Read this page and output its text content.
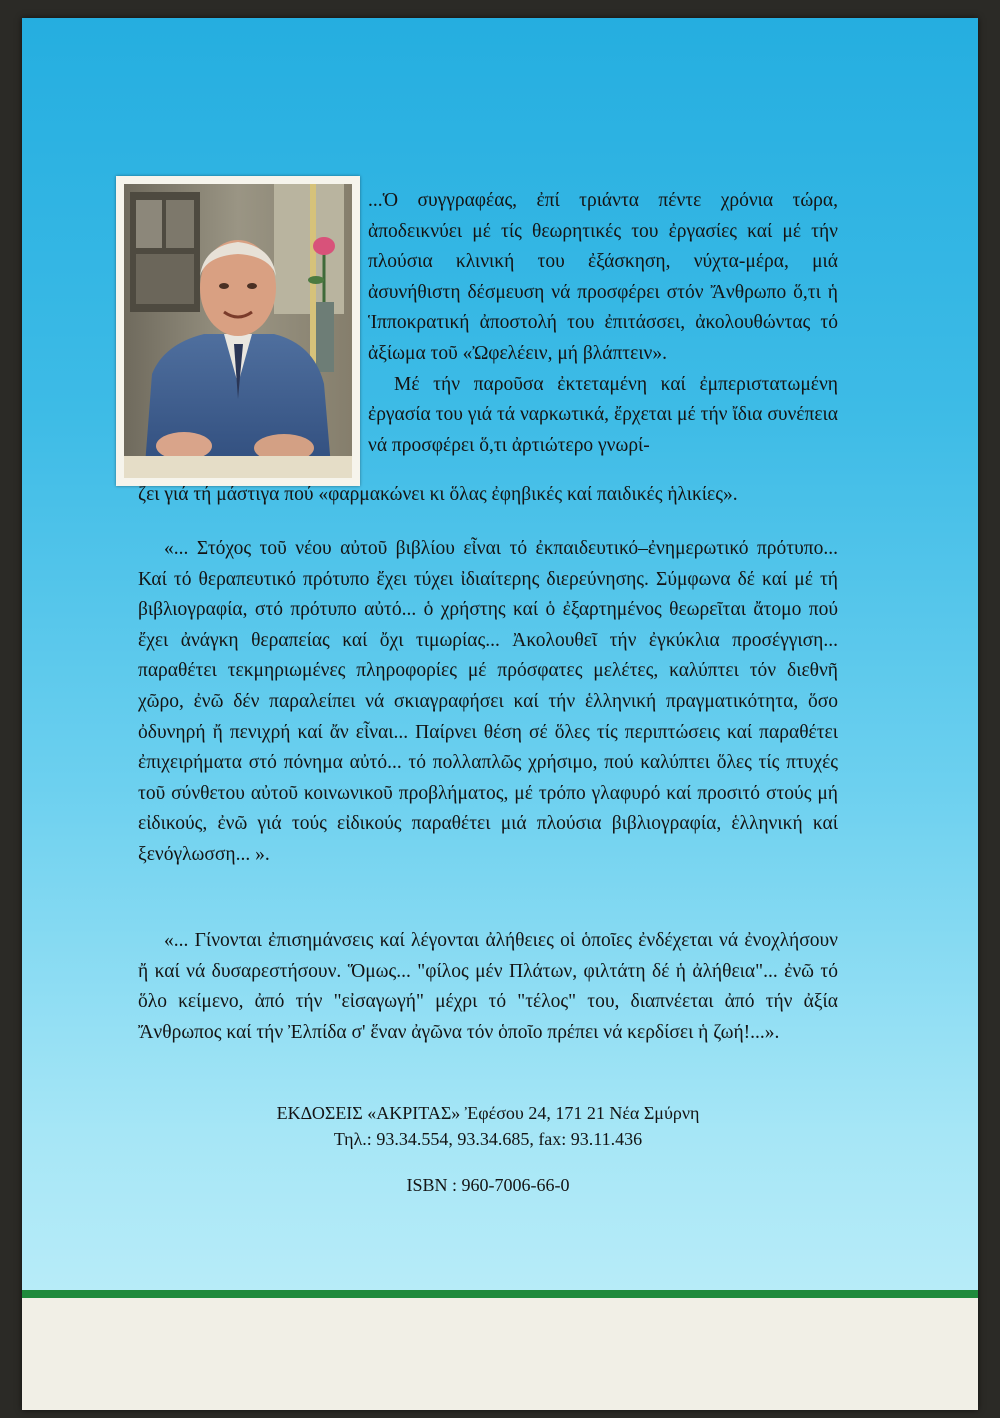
...Ὁ συγγραφέας, ἐπί τριάντα πέντε χρόνια τώρα, ἀποδεικνύει μέ τίς θεωρητικές του ἐργασίες καί μέ τήν πλούσια κλινική του ἐξάσκηση, νύχτα-μέρα, μιά ἀσυνήθιστη δέσμευση νά προσφέρει στόν Ἄνθρωπο ὅ,τι ἡ Ἱπποκρατική ἀποστολή του ἐπιτάσσει, ἀκολουθώντας τό ἀξίωμα τοῦ «Ὠφελέειν, μή βλάπτειν».

Μέ τήν παροῦσα ἐκτεταμένη καί ἐμπεριστατωμένη ἐργασία του γιά τά ναρκωτικά, ἔρχεται μέ τήν ἴδια συνέπεια νά προσφέρει ὅ,τι ἀρτιώτερο γνωρί-

ζει γιά τή μάστιγα πού «φαρμακώνει κι ὅλας ἐφηβικές καί παιδικές ἡλικίες».

«... Στόχος τοῦ νέου αὐτοῦ βιβλίου εἶναι τό ἐκπαιδευτικό–ἐνημερωτικό πρότυπο... Καί τό θεραπευτικό πρότυπο ἔχει τύχει ἰδιαίτερης διερεύνησης. Σύμφωνα δέ καί μέ τή βιβλιογραφία, στό πρότυπο αὐτό... ὁ χρήστης καί ὁ ἐξαρτημένος θεωρεῖται ἄτομο πού ἔχει ἀνάγκη θεραπείας καί ὄχι τιμωρίας... Ἀκολουθεῖ τήν ἐγκύκλια προσέγγιση... παραθέτει τεκμηριωμένες πληροφορίες μέ πρόσφατες μελέτες, καλύπτει τόν διεθνῆ χῶρο, ἐνῶ δέν παραλείπει νά σκιαγραφήσει καί τήν ἑλληνική πραγματικότητα, ὅσο ὀδυνηρή ἤ πενιχρή καί ἄν εἶναι... Παίρνει θέση σέ ὅλες τίς περιπτώσεις καί παραθέτει ἐπιχειρήματα στό πόνημα αὐτό... τό πολλαπλῶς χρήσιμο, πού καλύπτει ὅλες τίς πτυχές τοῦ σύνθετου αὐτοῦ κοινωνικοῦ προβλήματος, μέ τρόπο γλαφυρό καί προσιτό στούς μή εἰδικούς, ἐνῶ γιά τούς εἰδικούς παραθέτει μιά πλούσια βιβλιογραφία, ἑλληνική καί ξενόγλωσση... ».

«... Γίνονται ἐπισημάνσεις καί λέγονται ἀλήθειες οἱ ὁποῖες ἐνδέχεται νά ἐνοχλήσουν ἤ καί νά δυσαρεστήσουν. Ὅμως... "φίλος μέν Πλάτων, φιλτάτη δέ ἡ ἀλήθεια"... ἐνῶ τό ὅλο κείμενο, ἀπό τήν "εἰσαγωγή" μέχρι τό "τέλος" του, διαπνέεται ἀπό τήν ἀξία Ἄνθρωπος καί τήν Ἐλπίδα σ' ἕναν ἀγῶνα τόν ὁποῖο πρέπει νά κερδίσει ἡ ζωή!...».

ΕΚΔΟΣΕΙΣ «ΑΚΡΙΤΑΣ» Ἐφέσου 24, 171 21 Νέα Σμύρνη
Τηλ.: 93.34.554, 93.34.685, fax: 93.11.436
ISBN : 960-7006-66-0
